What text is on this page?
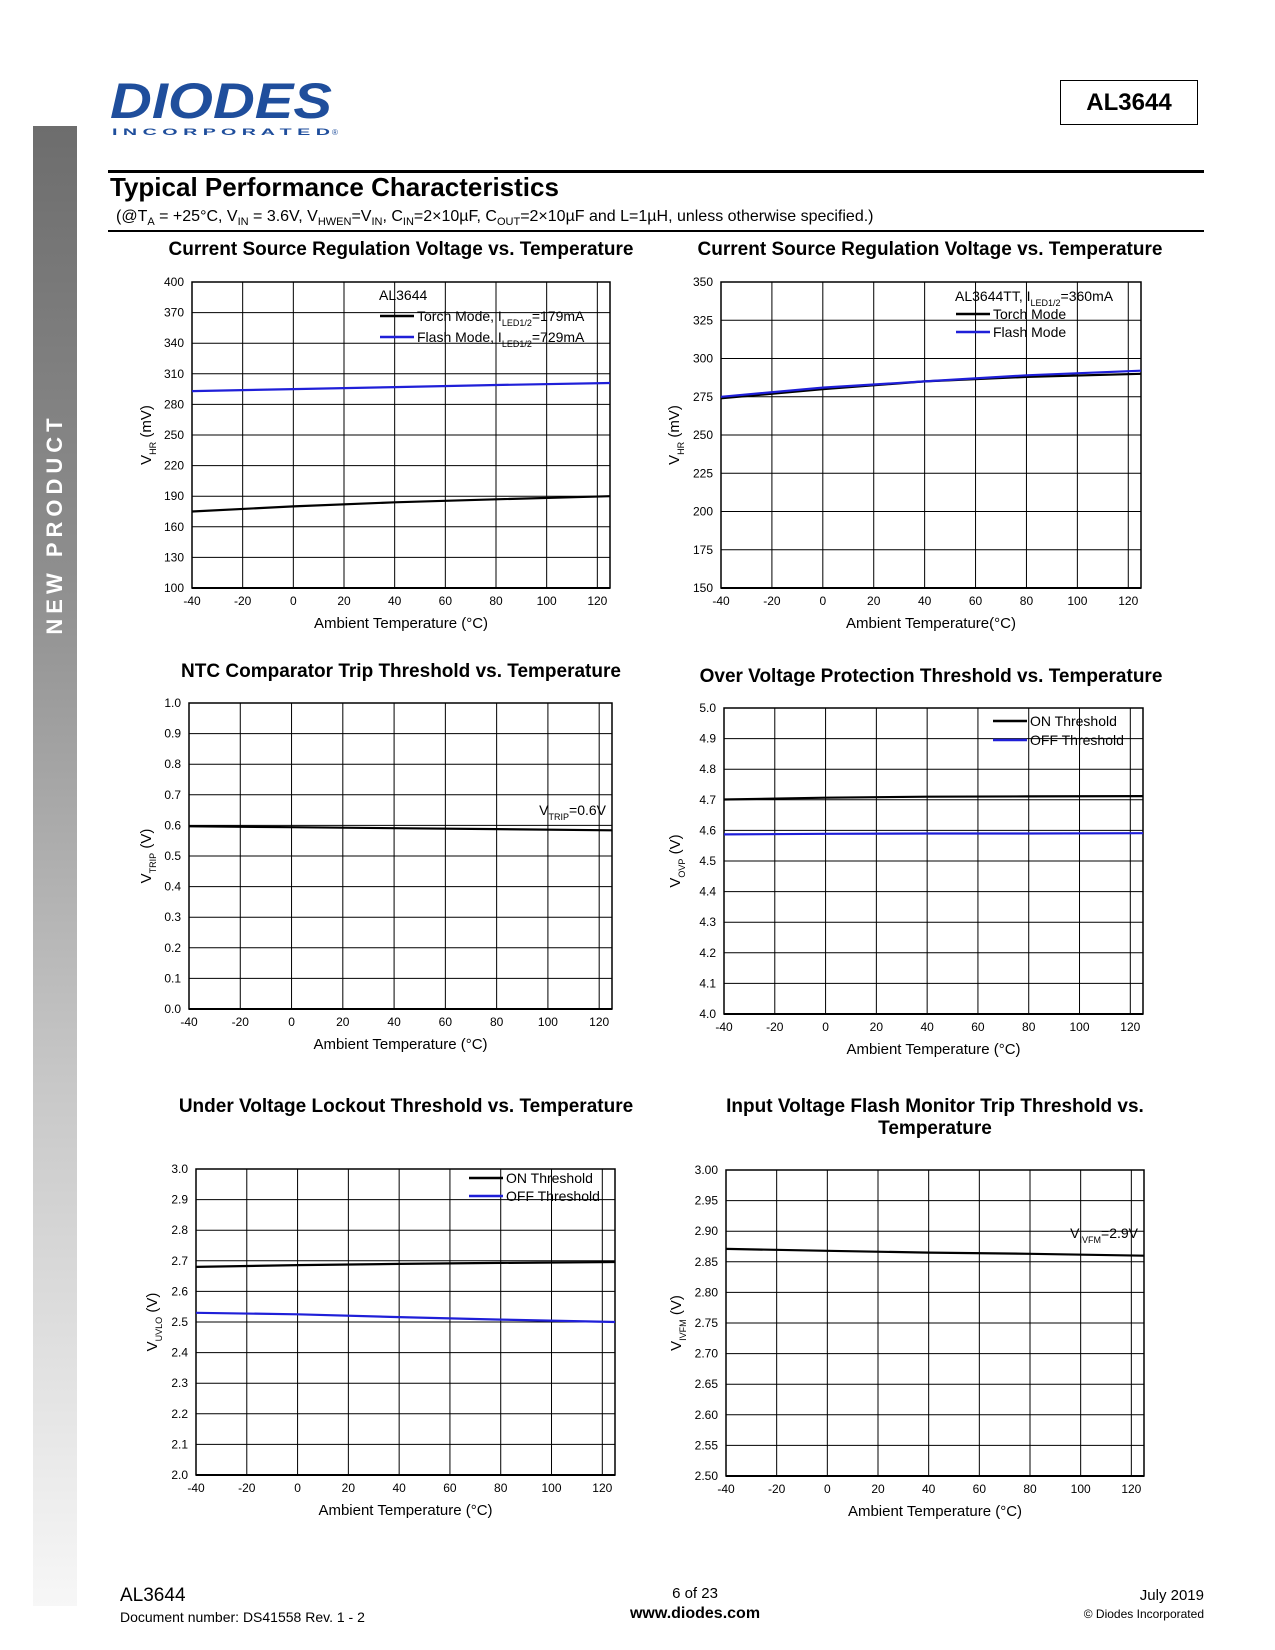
NEW PRODUCT
DIODES
I N C O R P O R A T E D ®
AL3644
Typical Performance Characteristics
($@T_A = +25^\circ C$, $V_{IN} = 3.6V$, $V_{HWEN}=V_{IN}$, $C_{IN}=2\times 10\mu F$, $C_{OUT}=2\times 10\mu F$ and L=1µH, unless otherwise specified.)
Current Source Regulation Voltage vs. Temperature
-40	-20	0	20	40	60	80	100	120
100
130
160
190
220
250
280
310
340
370
400
Ambient Temperature (°C)
$V_{HR}$ (mV)
AL3644
Torch Mode, $I_{LED1/2}=179mA$
Flash Mode, $I_{LED1/2}=729mA$
Current Source Regulation Voltage vs. Temperature
-40	-20	0	20	40	60	80	100	120
150
175
200
225
250
275
300
325
350
Ambient Temperature(°C)
$V_{HR}$ (mV)
AL3644TT, $I_{LED1/2}=360mA$
Torch Mode
Flash Mode
NTC Comparator Trip Threshold vs. Temperature
-40	-20	0	20	40	60	80	100	120
0.0
0.1
0.2
0.3
0.4
0.5
0.6
0.7
0.8
0.9
1.0
Ambient Temperature (°C)
$V_{TRIP}$ (V)
$V_{TRIP}=0.6V$
Over Voltage Protection Threshold vs. Temperature
-40	-20	0	20	40	60	80	100	120
4.0
4.1
4.2
4.3
4.4
4.5
4.6
4.7
4.8
4.9
5.0
Ambient Temperature (°C)
$V_{OVP}$ (V)
ON Threshold
OFF Threshold
Under Voltage Lockout Threshold vs. Temperature
-40	-20	0	20	40	60	80	100	120
2.0
2.1
2.2
2.3
2.4
2.5
2.6
2.7
2.8
2.9
3.0
Ambient Temperature (°C)
$V_{UVLO}$ (V)
ON Threshold
OFF Threshold
Input Voltage Flash Monitor Trip Threshold vs.
Temperature
-40	-20	0	20	40	60	80	100	120
2.50
2.55
2.60
2.65
2.70
2.75
2.80
2.85
2.90
2.95
3.00
Ambient Temperature (°C)
$V_{IVFM}$ (V)
$V_{IVFM}=2.9V$
AL3644
Document number: DS41558 Rev. 1 - 2
6 of 23
www.diodes.com
July 2019
© Diodes Incorporated
